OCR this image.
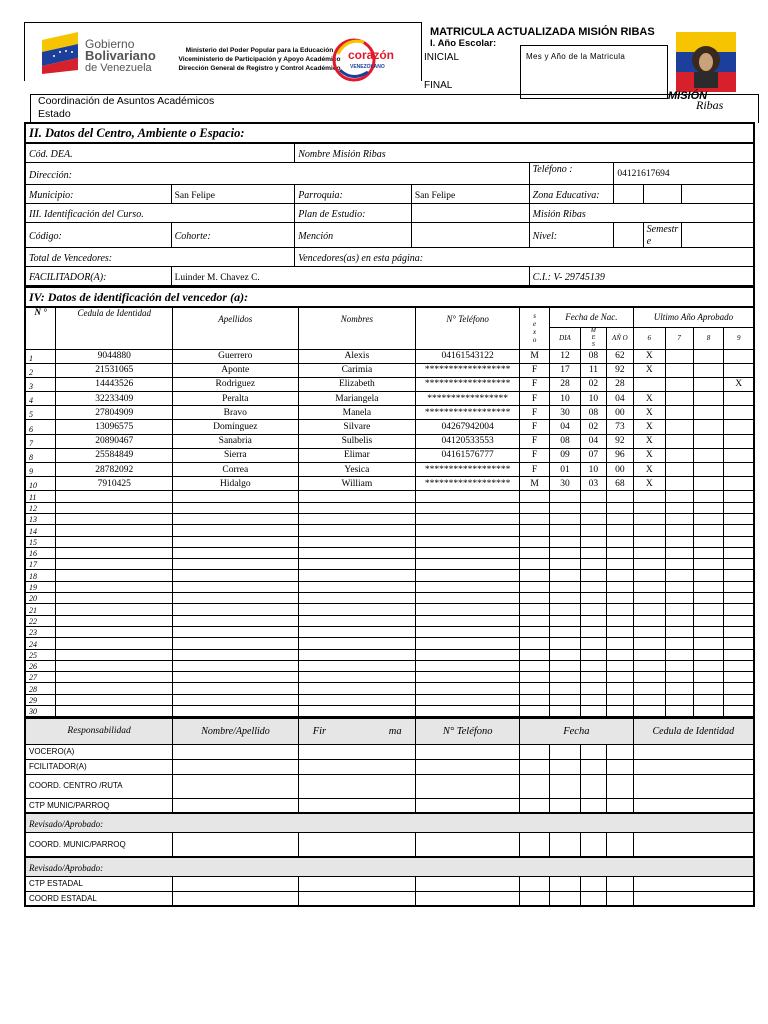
Gobierno
Bolivariano
de Venezuela
Ministerio del Poder Popular para la Educación
Viceministerio de Participación y Apoyo Académico
Dirección General de Registro y Control Académico
corazón
VENEZOLANO
MATRICULA ACTUALIZADA MISIÓN RIBAS
I. Año Escolar:
INICIAL
FINAL
Mes y Año de la Matricula
MISIÓN
Ribas
Coordinación de Asuntos Académicos
Estado
II. Datos del Centro, Ambiente o Espacio:							
Cód. DEA.		Nombre Misión Ribas					
Dirección:				Teléfono :	04121617694		
Municipio:	San Felipe	Parroquia:	San Felipe	Zona Educativa:			
III. Identificación del Curso.		Plan de Estudio:		Misión Ribas			
Código:	Cohorte:	Mención		Nivel:		Semestr e	
Total de Vencedores:		Vencedores(as) en esta página:					
FACILITADOR(A):	Luinder M. Chavez C.			C.I.: V- 29745139			
IV: Datos de identificación del vencedor (a):												
N °	Cedula de Identidad	Apellidos	Nombres	N° Teléfono	s e x o	Fecha de Nac.			Ultimo Año Aprobado			
						DIA	M E S	AÑ O	6	7	8	9
1	9044880	Guerrero	Alexis	04161543122	M	12	08	62	X			
2	21531065	Aponte	Carimia	******************	F	17	11	92	X			
3	14443526	Rodriguez	Elizabeth	******************	F	28	02	28				X
4	32233409	Peralta	Mariangela	*****************	F	10	10	04	X			
5	27804909	Bravo	Manela	******************	F	30	08	00	X			
6	13096575	Domínguez	Silvare	04267942004	F	04	02	73	X			
7	20890467	Sanabria	Sulbelis	04120533553	F	08	04	92	X			
8	25584849	Sierra	Elimar	04161576777	F	09	07	96	X			
9	28782092	Correa	Yesica	******************	F	01	10	00	X			
10	7910425	Hidalgo	William	******************	M	30	03	68	X			
11												
12												
13												
14												
15												
16												
17												
18												
19												
20												
21												
22												
23												
24												
25												
26												
27												
28												
29												
30												
Responsabilidad	Nombre/Apellido	Fir ma	N° Teléfono	Fecha				Cedula de Identidad
VOCERO(A)								
FCILITADOR(A)								
COORD. CENTRO /RUTA								
CTP MUNIC/PARROQ								
Revisado/Aprobado:								
COORD. MUNIC/PARROQ								
Revisado/Aprobado:								
CTP ESTADAL								
COORD ESTADAL								
